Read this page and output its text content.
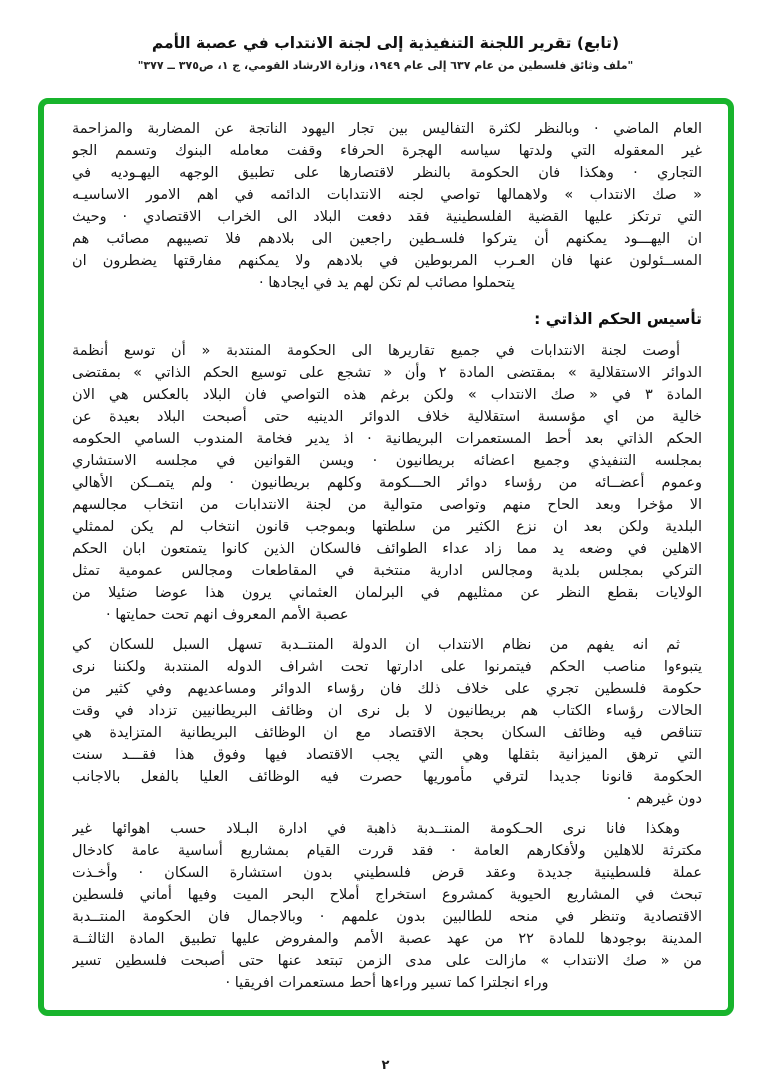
(تابع) تقرير اللجنة التنفيذية إلى لجنة الانتداب في عصبة الأمم
"ملف وثائق فلسطين من عام ٦٣٧ إلى عام ١٩٤٩، وزارة الارشاد القومي، ج ١، ص٣٧٥ ــ ٣٧٧"
العام الماضي · وبالنظر لكثرة التفاليس بين تجار اليهود الناتجة عن المضاربة والمزاحمة
غير المعقوله التي ولدتها سياسه الهجرة الحرفاء وقفت معامله البنوك وتسمم الجو
التجاري · وهكذا فان الحكومة بالنظر لاقتصارها على تطبيق الوجهه اليهـوديه في
« صك الانتداب » ولاهمالها تواصي لجنه الانتدابات الدائمه في اهم الامور الاساسيـه
التي ترتكز عليها القضية الفلسطينية فقد دفعت البلاد الى الخراب الاقتصادي · وحيث
ان اليهـــود يمكنهم أن يتركوا فلسـطين راجعين الى بلادهم فلا تصيبهم مصائب هم
المســئولون عنها فان العـرب المربوطين في بلادهم ولا يمكنهم مفارقتها يضطرون ان
يتحملوا مصائب لم تكن لهم يد في ايجادها ·
تأسيس الحكم الذاتي :
أوصت لجنة الانتدابات في جميع تقاريرها الى الحكومة المنتدبة « أن توسع أنظمة
الدوائر الاستقلالية » بمقتضى المادة ٢ وأن « تشجع على توسيع الحكم الذاتي » بمقتضى
المادة ٣ في « صك الانتداب » ولكن برغم هذه التواصي فان البلاد بالعكس هي الان
خالية من اي مؤسسة استقلالية خلاف الدوائر الدينيه حتى أصبحت البلاد بعيدة عن
الحكم الذاتي بعد أحط المستعمرات البريطانية · اذ يدير فخامة المندوب السامي الحكومه
بمجلسه التنفيذي وجميع اعضائه بريطانيون · ويسن القوانين في مجلسه الاستشاري
وعموم أعضــائه من رؤساء دوائر الحـــكومة وكلهم بريطانيون · ولم يتمــكن الأهالي
الا مؤخرا وبعد الحاح منهم وتواصى متوالية من لجنة الانتدابات من انتخاب مجالسهم
البلدية ولكن بعد ان نزع الكثير من سلطتها وبموجب قانون انتخاب لم يكن لممثلي
الاهلين في وضعه يد مما زاد عداء الطوائف فالسكان الذين كانوا يتمتعون ابان الحكم
التركي بمجلس بلدية ومجالس ادارية منتخبة في المقاطعات ومجالس عمومية تمثل
الولايات بقطع النظر عن ممثليهم في البرلمان العثماني يرون هذا عوضا ضئيلا من
عصبة الأمم المعروف انهم تحت حمايتها ·
ثم انه يفهم من نظام الانتداب ان الدولة المنتــدبة تسهل السبل للسكان كي
يتبوءوا مناصب الحكم فيتمرنوا على ادارتها تحت اشراف الدوله المنتدبة ولكننا نرى
حكومة فلسطين تجري على خلاف ذلك فان رؤساء الدوائر ومساعديهم وفي كثير من
الحالات رؤساء الكتاب هم بريطانيون لا بل نرى ان وظائف البريطانيين تزداد في وقت
تتناقص فيه وظائف السكان بحجة الاقتصاد مع ان الوظائف البريطانية المتزايدة هي
التي ترهق الميزانية بثقلها وهي التي يجب الاقتصاد فيها وفوق هذا فقـــد سنت
الحكومة قانونا جديدا لترقي مأموريها حصرت فيه الوظائف العليا بالفعل بالاجانب
دون غيرهم ·
وهكذا فانا نرى الحـكومة المنتــدبة ذاهبة في ادارة البـلاد حسب اهوائها غير
مكترثة للاهلين ولأفكارهم العامة · فقد قررت القيام بمشاريع أساسية عامة كادخال
عملة فلسطينية جديدة وعقد قرض فلسطيني بدون استشارة السكان · وأخـذت
تبحث في المشاريع الحيوية كمشروع استخراج أملاح البحر الميت وفيها أماني فلسطين
الاقتصادية وتنظر في منحه للطالبين بدون علمهم · وبالاجمال فان الحكومة المنتــدبة
المدينة بوجودها للمادة ٢٢ من عهد عصبة الأمم والمفروض عليها تطبيق المادة الثالثــة
من « صك الانتداب » مازالت على مدى الزمن تبتعد عنها حتى أصبحت فلسطين تسير
وراء انجلترا كما تسير وراءها أحط مستعمرات افريقيا ·
٢
